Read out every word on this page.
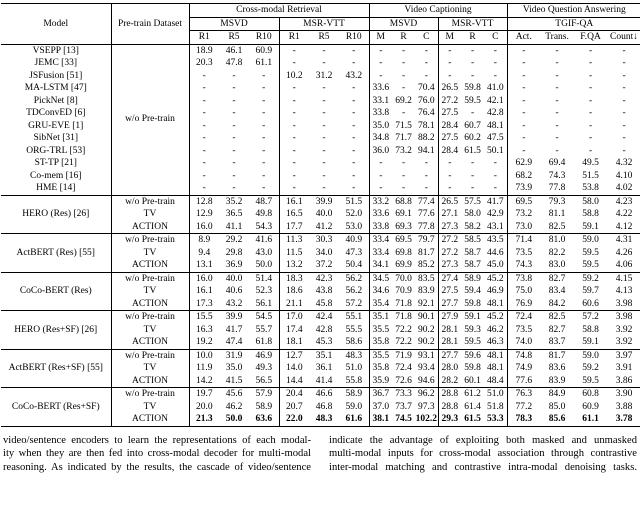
Model	Pre-train Dataset	Cross-modal Retrieval						Video Captioning						Video Question Answering			
		MSVD			MSR-VTT			MSVD			MSR-VTT			TGIF-QA			
		R1	R5	R10	R1	R5	R10	M	R	C	M	R	C	Act.	Trans.	F.QA	Count↓
VSEPP [13]	w/o Pre-train	18.9	46.1	60.9	-	-	-	-	-	-	-	-	-	-	-	-	-
JEMC [33]		20.3	47.8	61.1	-	-	-	-	-	-	-	-	-	-	-	-	-
JSFusion [51]		-	-	-	10.2	31.2	43.2	-	-	-	-	-	-	-	-	-	-
MA-LSTM [47]		-	-	-	-	-	-	33.6	-	70.4	26.5	59.8	41.0	-	-	-	-
PickNet [8]		-	-	-	-	-	-	33.1	69.2	76.0	27.2	59.5	42.1	-	-	-	-
TDConvED [6]		-	-	-	-	-	-	33.8	-	76.4	27.5	-	42.8	-	-	-	-
GRU-EVE [1]		-	-	-	-	-	-	35.0	71.5	78.1	28.4	60.7	48.1	-	-	-	-
SibNet [31]		-	-	-	-	-	-	34.8	71.7	88.2	27.5	60.2	47.5	-	-	-	-
ORG-TRL [53]		-	-	-	-	-	-	36.0	73.2	94.1	28.4	61.5	50.1	-	-	-	-
ST-TP [21]		-	-	-	-	-	-	-	-	-	-	-	-	62.9	69.4	49.5	4.32
Co-mem [16]		-	-	-	-	-	-	-	-	-	-	-	-	68.2	74.3	51.5	4.10
HME [14]		-	-	-	-	-	-	-	-	-	-	-	-	73.9	77.8	53.8	4.02
HERO (Res) [26]	w/o Pre-train	12.8	35.2	48.7	16.1	39.9	51.5	33.2	68.8	77.4	26.5	57.5	41.7	69.5	79.3	58.0	4.23
	TV	12.9	36.5	49.8	16.5	40.0	52.0	33.6	69.1	77.6	27.1	58.0	42.9	73.2	81.1	58.8	4.22
	ACTION	16.0	41.1	54.3	17.7	41.2	53.0	33.8	69.3	77.8	27.3	58.2	43.1	73.0	82.5	59.1	4.12
ActBERT (Res) [55]	w/o Pre-train	8.9	29.2	41.6	11.3	30.3	40.9	33.4	69.5	79.7	27.2	58.5	43.5	71.4	81.0	59.0	4.31
	TV	9.4	29.8	43.0	11.5	34.0	47.3	33.4	69.8	81.7	27.2	58.7	44.6	73.5	82.2	59.5	4.26
	ACTION	13.1	36.9	50.0	13.2	37.2	50.4	34.1	69.9	85.2	27.3	58.7	45.0	74.3	83.0	59.5	4.06
CoCo-BERT (Res)	w/o Pre-train	16.0	40.0	51.4	18.3	42.3	56.2	34.5	70.0	83.5	27.4	58.9	45.2	73.8	82.7	59.2	4.15
	TV	16.1	40.6	52.3	18.6	43.8	56.2	34.6	70.9	83.9	27.5	59.4	46.9	75.0	83.4	59.7	4.13
	ACTION	17.3	43.2	56.1	21.1	45.8	57.2	35.4	71.8	92.1	27.7	59.8	48.1	76.9	84.2	60.6	3.98
HERO (Res+SF) [26]	w/o Pre-train	15.5	39.9	54.5	17.0	42.4	55.1	35.1	71.8	90.1	27.9	59.1	45.2	72.4	82.5	57.2	3.98
	TV	16.3	41.7	55.7	17.4	42.8	55.5	35.5	72.2	90.2	28.1	59.3	46.2	73.5	82.7	58.8	3.92
	ACTION	19.2	47.4	61.8	18.1	45.3	58.6	35.8	72.2	90.2	28.1	59.5	46.3	74.0	83.7	59.1	3.92
ActBERT (Res+SF) [55]	w/o Pre-train	10.0	31.9	46.9	12.7	35.1	48.3	35.5	71.9	93.1	27.7	59.6	48.1	74.8	81.7	59.0	3.97
	TV	11.9	35.0	49.3	14.0	36.1	51.0	35.8	72.4	93.4	28.0	59.8	48.1	74.9	83.6	59.2	3.91
	ACTION	14.2	41.5	56.5	14.4	41.4	55.8	35.9	72.6	94.6	28.2	60.1	48.4	77.6	83.9	59.5	3.86
CoCo-BERT (Res+SF)	w/o Pre-train	19.7	45.6	57.9	20.4	46.6	58.9	36.7	73.3	96.2	28.8	61.2	51.0	76.3	84.9	60.8	3.90
	TV	20.0	46.2	58.9	20.7	46.8	59.0	37.0	73.7	97.3	28.8	61.4	51.8	77.2	85.0	60.9	3.88
	ACTION	21.3	50.0	63.6	22.0	48.3	61.6	38.1	74.5	102.2	29.3	61.5	53.3	78.3	85.6	61.1	3.78
video/sentence encoders to learn the representations of each modal-
ity when they are then fed into cross-modal decoder for multi-modal
reasoning. As indicated by the results, the cascade of video/sentence
indicate the advantage of exploiting both masked and unmasked
multi-modal inputs for cross-modal association through contrastive
inter-modal matching and contrastive intra-modal denoising tasks.
